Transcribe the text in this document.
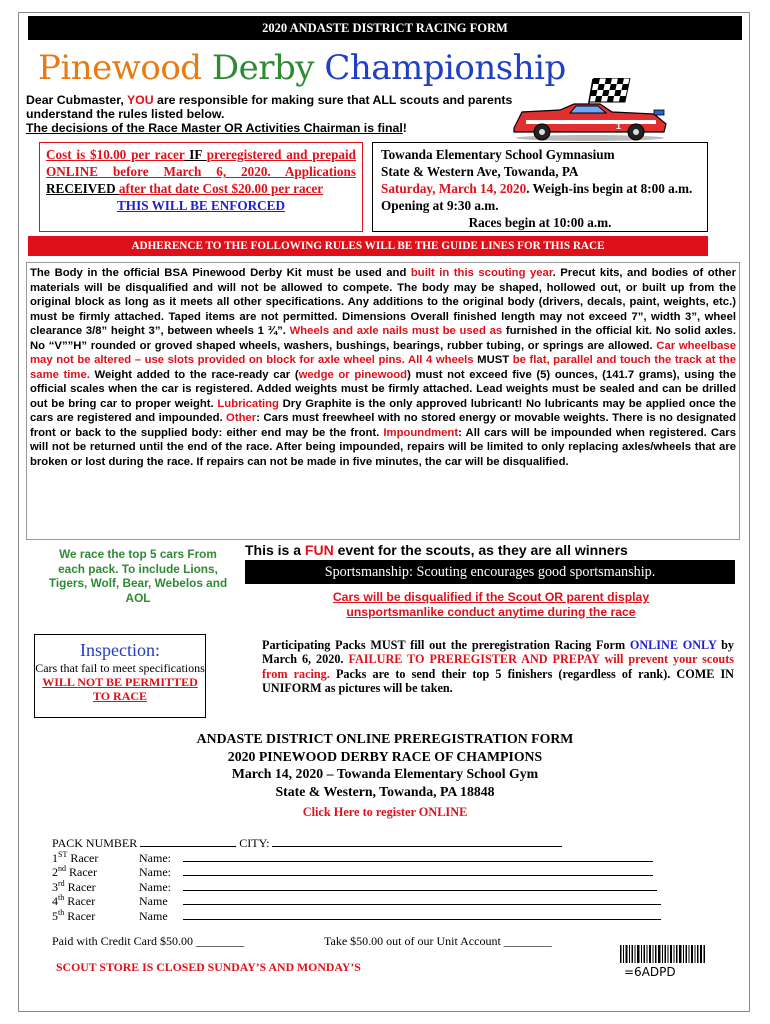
2020 ANDASTE DISTRICT RACING FORM
Pinewood Derby Championship
1
Dear Cubmaster, YOU are responsible for making sure that ALL scouts and parents understand the rules listed below.
The decisions of the Race Master OR Activities Chairman is final!
Cost is $10.00 per racer IF preregistered and prepaid ONLINE before March 6, 2020. Applications RECEIVED after that date Cost $20.00 per racer
THIS WILL BE ENFORCED
Towanda Elementary School Gymnasium
State & Western Ave, Towanda, PA
Saturday, March 14, 2020. Weigh-ins begin at 8:00 a.m. Opening at 9:30 a.m.
Races begin at 10:00 a.m.
ADHERENCE TO THE FOLLOWING RULES WILL BE THE GUIDE LINES FOR THIS RACE
The Body in the official BSA Pinewood Derby Kit must be used and built in this scouting year. Precut kits, and bodies of other materials will be disqualified and will not be allowed to compete. The body may be shaped, hollowed out, or built up from the original block as long as it meets all other specifications. Any additions to the original body (drivers, decals, paint, weights, etc.) must be firmly attached. Taped items are not permitted. Dimensions Overall finished length may not exceed 7”, width 3”, wheel clearance 3/8” height 3”, between wheels 1 ¾”. Wheels and axle nails must be used as furnished in the official kit. No solid axles. No “V””H” rounded or groved shaped wheels, washers, bushings, bearings, rubber tubing, or springs are allowed. Car wheelbase may not be altered – use slots provided on block for axle wheel pins. All 4 wheels MUST be flat, parallel and touch the track at the same time. Weight added to the race-ready car (wedge or pinewood) must not exceed five (5) ounces, (141.7 grams), using the official scales when the car is registered. Added weights must be firmly attached. Lead weights must be sealed and can be drilled out be bring car to proper weight. Lubricating Dry Graphite is the only approved lubricant! No lubricants may be applied once the cars are registered and impounded. Other: Cars must freewheel with no stored energy or movable weights. There is no designated front or back to the supplied body: either end may be the front. Impoundment: All cars will be impounded when registered. Cars will not be returned until the end of the race. After being impounded, repairs will be limited to only replacing axles/wheels that are broken or lost during the race. If repairs can not be made in five minutes, the car will be disqualified.
We race the top 5 cars From each pack. To include Lions, Tigers, Wolf, Bear, Webelos and AOL
This is a FUN event for the scouts, as they are all winners
Sportsmanship: Scouting encourages good sportsmanship.
Cars will be disqualified if the Scout OR parent display
unsportsmanlike conduct anytime during the race
Inspection:
Cars that fail to meet specifications WILL NOT BE PERMITTED TO RACE
Participating Packs MUST fill out the preregistration Racing Form ONLINE ONLY by March 6, 2020. FAILURE TO PREREGISTER AND PREPAY will prevent your scouts from racing. Packs are to send their top 5 finishers (regardless of rank). COME IN UNIFORM as pictures will be taken.
ANDASTE DISTRICT ONLINE PREREGISTRATION FORM
2020 PINEWOOD DERBY RACE OF CHAMPIONS
March 14, 2020 – Towanda Elementary School Gym
State & Western, Towanda, PA 18848
Click Here to register ONLINE
PACK NUMBER	CITY:
1ST Racer	Name:
2nd Racer	Name:
3rd Racer	Name:
4th Racer	Name
5th Racer	Name
Paid with Credit Card $50.00 ________	Take $50.00 out of our Unit Account ________
SCOUT STORE IS CLOSED SUNDAY’S AND MONDAY’S	=6ADPD
